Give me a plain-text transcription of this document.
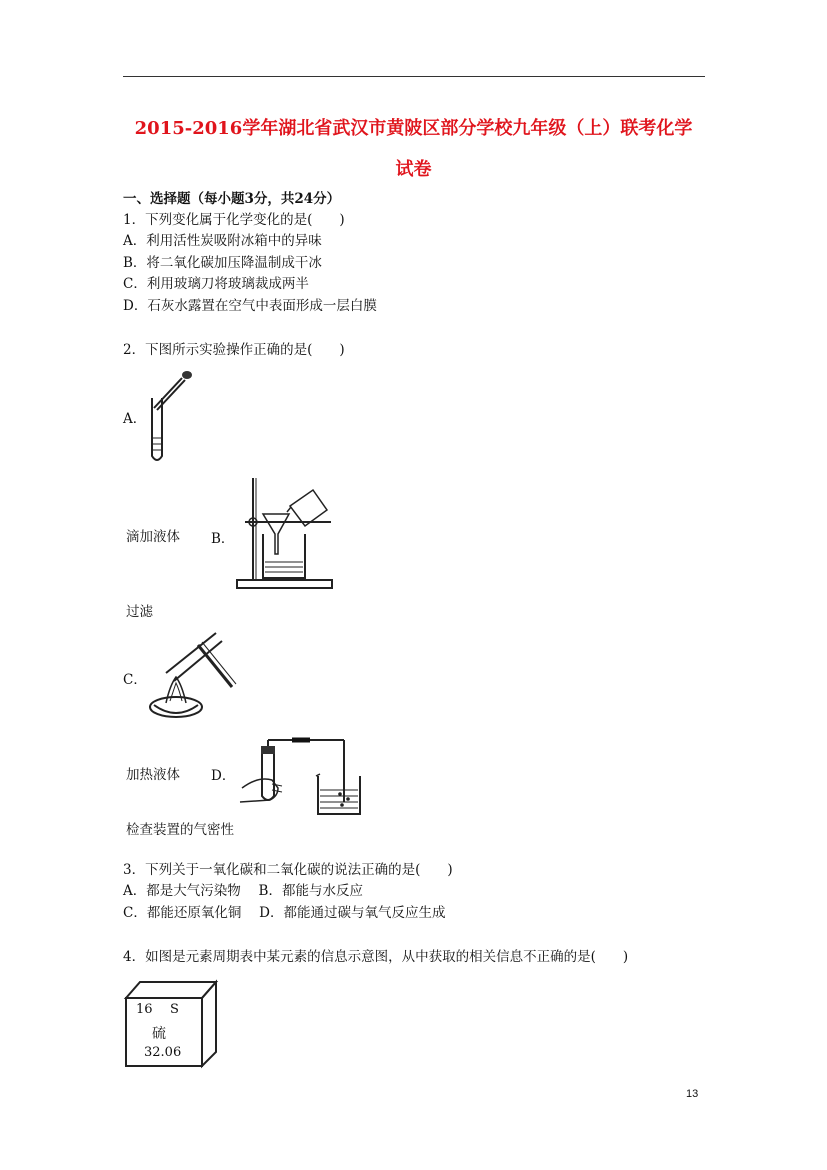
2015-2016学年湖北省武汉市黄陂区部分学校九年级（上）联考化学
试卷
一、选择题（每小题3分，共24分）
1．下列变化属于化学变化的是(　　)
A．利用活性炭吸附冰箱中的异味
B．将二氧化碳加压降温制成干冰
C．利用玻璃刀将玻璃裁成两半
D．石灰水露置在空气中表面形成一层白膜
2．下图所示实验操作正确的是(　　)
A．
滴加液体 B．
过滤
C．
加热液体 D．
检查装置的气密性
3．下列关于一氧化碳和二氧化碳的说法正确的是(　　)
A．都是大气污染物　 B．都能与水反应
C．都能还原氧化铜　 D．都能通过碳与氧气反应生成
4．如图是元素周期表中某元素的信息示意图，从中获取的相关信息不正确的是(　　)
16 S
硫
32.06
13
